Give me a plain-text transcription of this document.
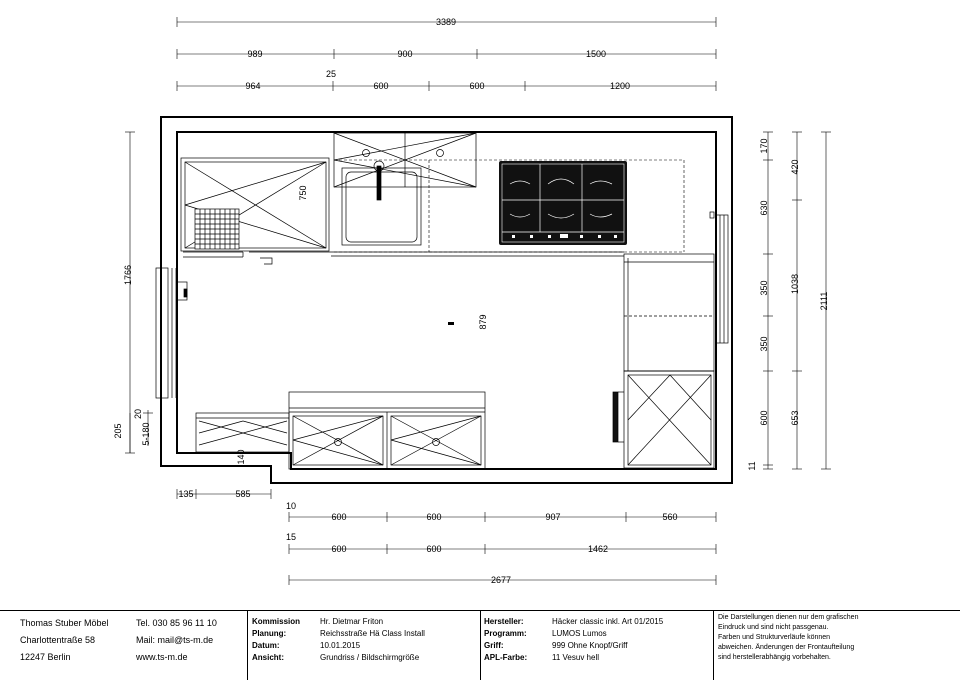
3389
989	900	1500
25
964	600	600	1200
750
879
1766
205
20
5-180
140
170
630
350
350
600
11
420
1038
653
2111
135	585
10
600	600	907	560
15
600	600	1462
2677
Thomas Stuber Möbel
Charlottentraße 58
12247 Berlin
Tel. 030 85 96 11 10
Mail: mail@ts-m.de
www.ts-m.de
Kommission Hr. Dietmar Friton
Planung:	Reichsstraße Hä Class Install
Datum:	10.01.2015
Ansicht:	Grundriss / Bildschirmgröße
Hersteller:	Häcker classic inkl. Art 01/2015
Programm:	LUMOS Lumos
Griff:	999 Ohne Knopf/Griff
APL-Farbe:	11 Vesuv hell
Die Darstellungen dienen nur dem grafischen
Eindruck und sind nicht passgenau.
Farben und Strukturverläufe können
abweichen. Änderungen der Frontaufteilung
sind herstellerabhängig vorbehalten.
